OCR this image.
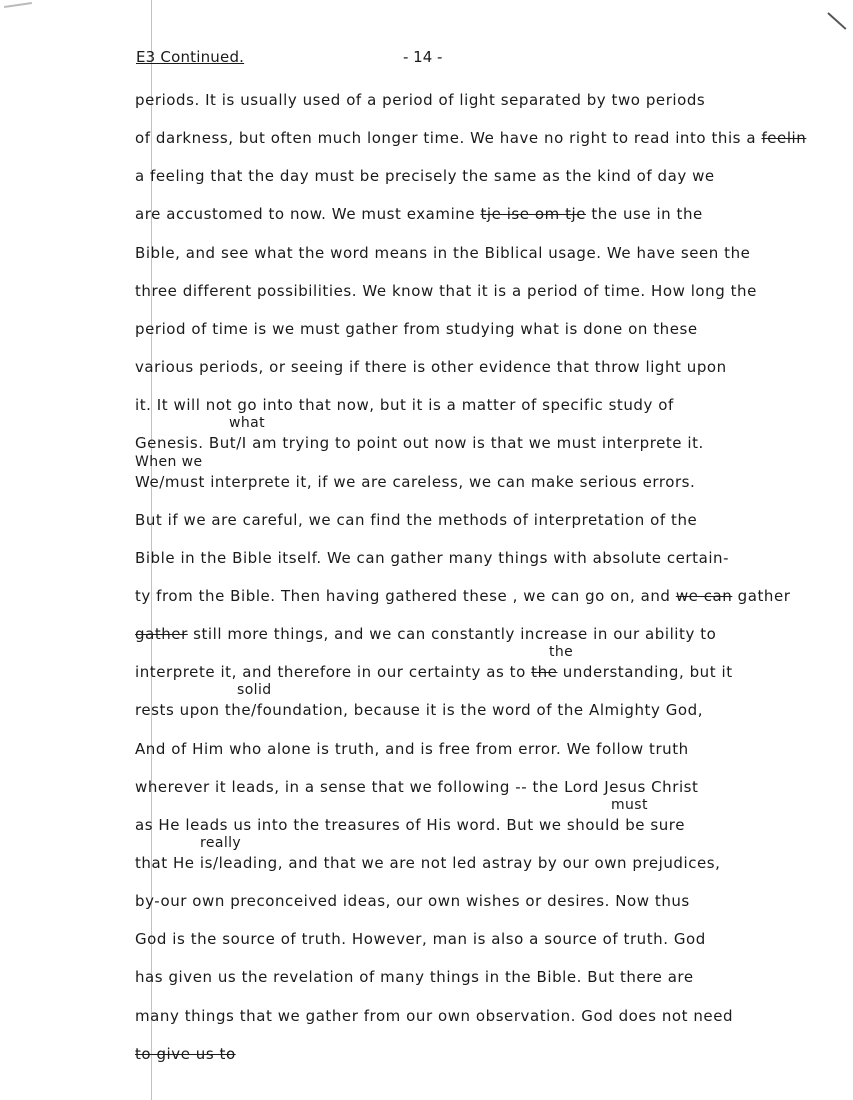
E3 Continued.	- 14 -
periods. It is usually used of a period of light separated by two periods
of darkness, but often much longer time. We have no right to read into this a feelin
a feeling that the day must be precisely the same as the kind of day we
are accustomed to now. We must examine tje ise om tje the use in the
Bible, and see what the word means in the Biblical usage. We have seen the
three different possibilities. We know that it is a period of time. How long the
period of time is we must gather from studying what is done on these
various periods, or seeing if there is other evidence that throw light upon
it. It will not go into that now, but it is a matter of specific study of
what
Genesis. But/I am trying to point out now is that we must interprete it.
When we
We/must interprete it, if we are careless, we can make serious errors.
But if we are careful, we can find the methods of interpretation of the
Bible in the Bible itself. We can gather many things with absolute certain-
ty from the Bible. Then having gathered these , we can go on, and we can gather
gather still more things, and we can constantly increase in our ability to
the
interprete it, and therefore in our certainty as to the understanding, but it
solid
rests upon the/foundation, because it is the word of the Almighty God,
And of Him who alone is truth, and is free from error. We follow truth
wherever it leads, in a sense that we following -- the Lord Jesus Christ
must
as He leads us into the treasures of His word. But we should be sure
really
that He is/leading, and that we are not led astray by our own prejudices,
by-our own preconceived ideas, our own wishes or desires. Now thus
God is the source of truth. However, man is also a source of truth. God
has given us the revelation of many things in the Bible. But there are
many things that we gather from our own observation. God does not need
to give us to
